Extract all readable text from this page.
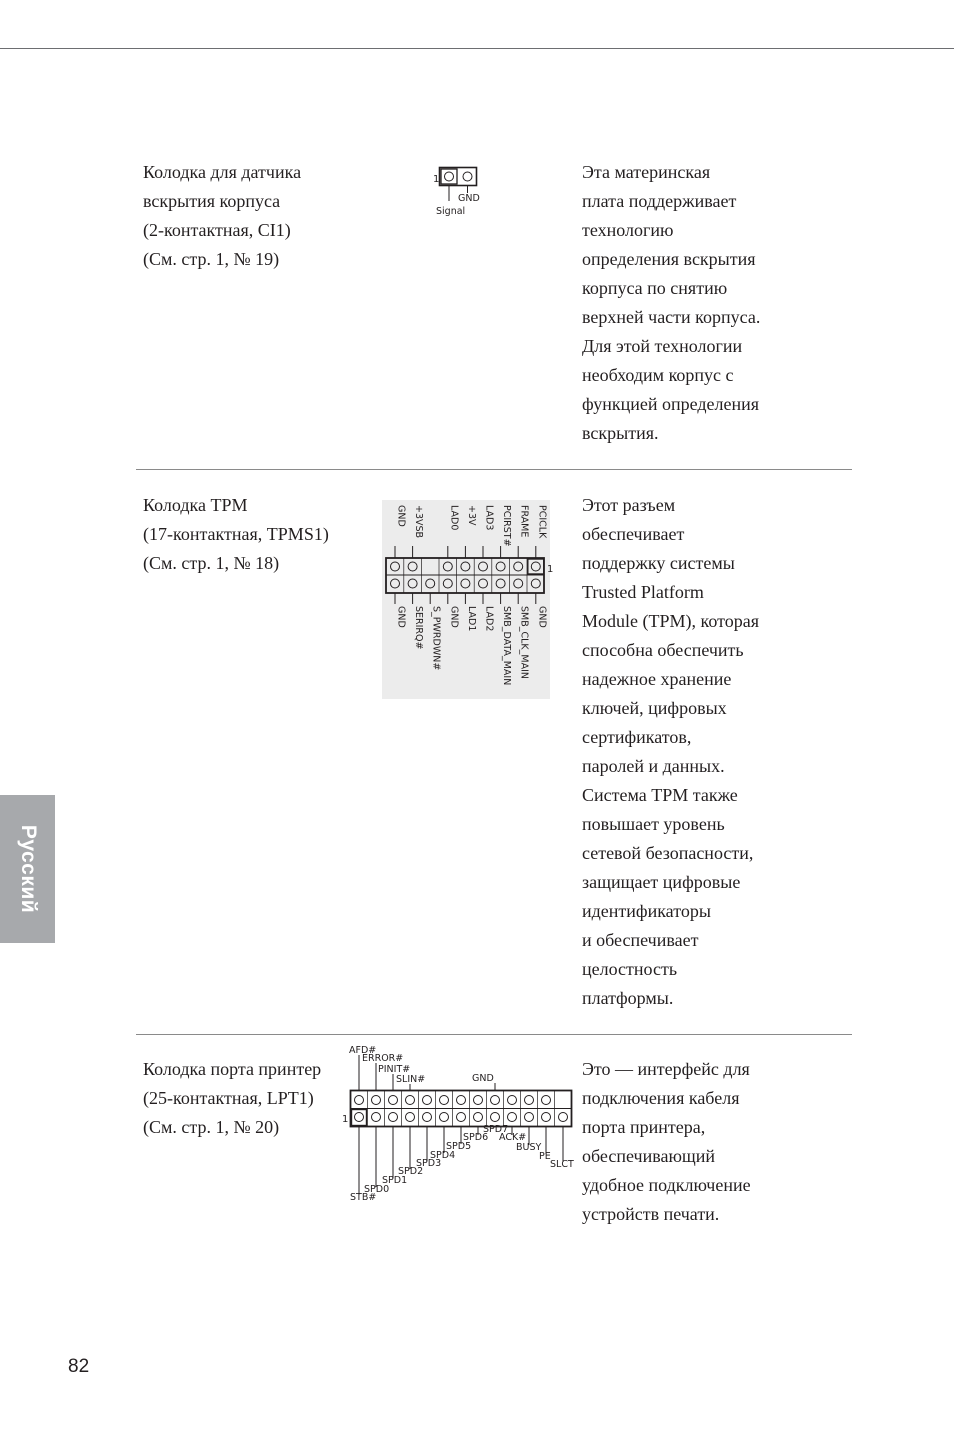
Колодка для датчика
вскрытия корпуса
(2-контактная, CI1)
(См. стр. 1, № 19)
Эта материнская
плата поддерживает
технологию
определения вскрытия
корпуса по снятию
верхней части корпуса.
Для этой технологии
необходим корпус с
функцией определения
вскрытия.
1
GND
Signal
Колодка TPM
(17-контактная, TPMS1)
(См. стр. 1, № 18)
Этот разъем
обеспечивает
поддержку системы
Trusted Platform
Module (TPM), которая
способна обеспечить
надежное хранение
ключей, цифровых
сертификатов,
паролей и данных.
Система TPM также
повышает уровень
сетевой безопасности,
защищает цифровые
идентификаторы
и обеспечивает
целостность
платформы.
1
GND
GND
+3VSB
SERIRQ# S_PWRDWN#
LAD0
GND
+3V
LAD1
LAD3
LAD2
PCIRST#
SMB_DATA_MAIN
FRAME
SMB_CLK_MAIN
PCICLK
GND
Колодка порта принтер
(25-контактная, LPT1)
(См. стр. 1, № 20)
Это — интерфейс для
подключения кабеля
порта принтера,
обеспечивающий
удобное подключение
устройств печати.
1
AFD#
ERROR#
PINIT#
SLIN#	GND
STB#
SPD0
SPD1
SPD2
SPD3
SPD4
SPD5
SPD6
SPD7
ACK#
BUSY
PE
SLCT
Русский
82
